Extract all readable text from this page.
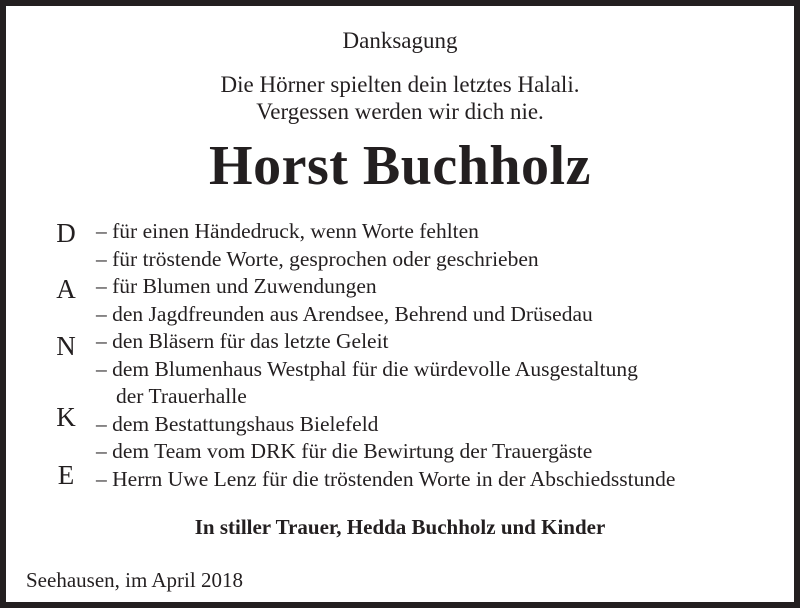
Danksagung
Die Hörner spielten dein letztes Halali.
Vergessen werden wir dich nie.
Horst Buchholz
D
A
N
K
E
– für einen Händedruck, wenn Worte fehlten
– für tröstende Worte, gesprochen oder geschrieben
– für Blumen und Zuwendungen
– den Jagdfreunden aus Arendsee, Behrend und Drüsedau
– den Bläsern für das letzte Geleit
– dem Blumenhaus Westphal für die würdevolle Ausgestaltung
der Trauerhalle
– dem Bestattungshaus Bielefeld
– dem Team vom DRK für die Bewirtung der Trauergäste
– Herrn Uwe Lenz für die tröstenden Worte in der Abschiedsstunde
In stiller Trauer, Hedda Buchholz und Kinder
Seehausen, im April 2018
